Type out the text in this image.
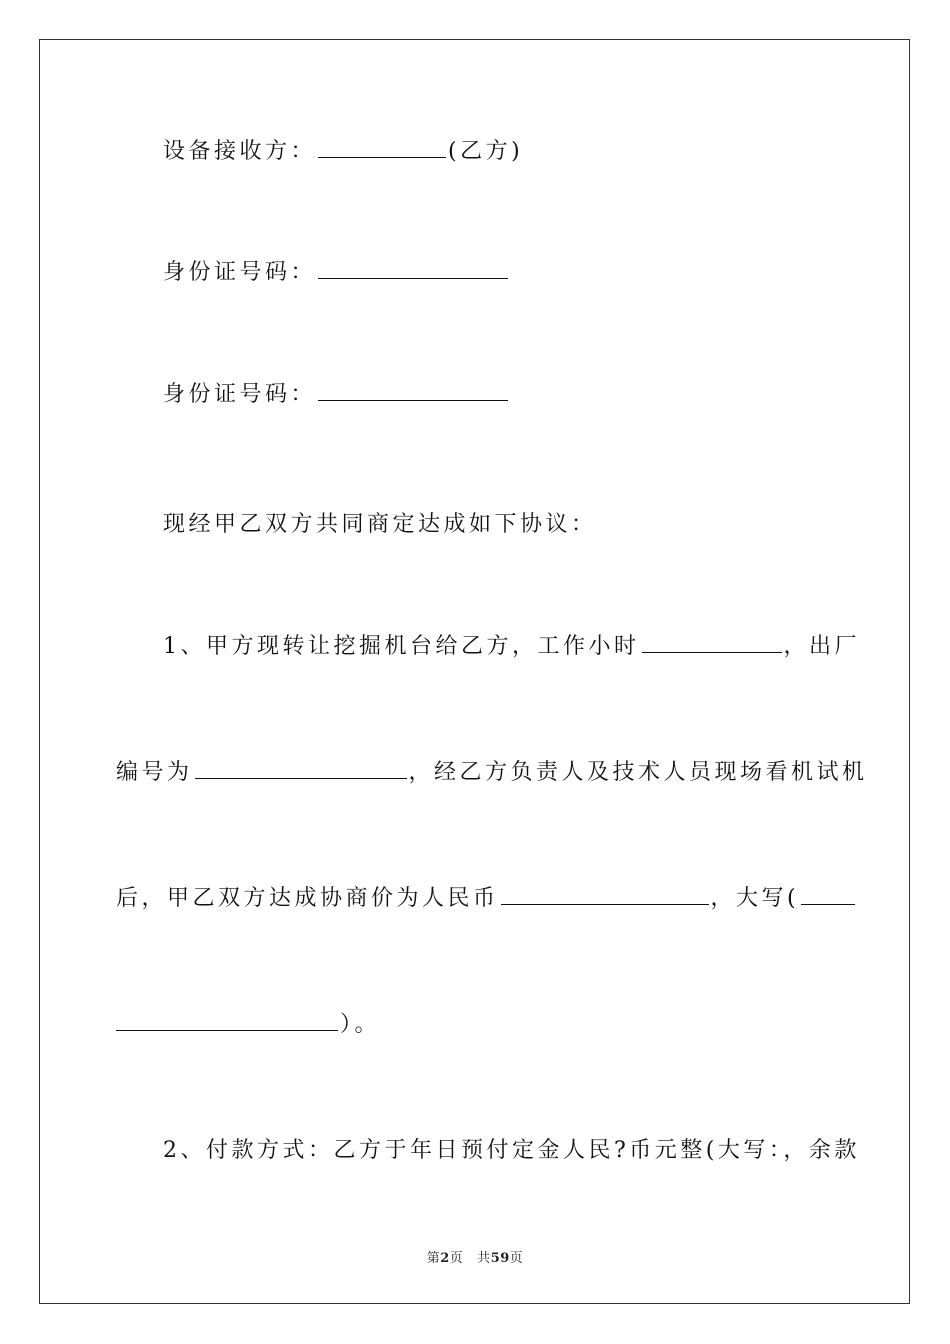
设备接收方：	(乙方)
身份证号码：
身份证号码：
现经甲乙双方共同商定达成如下协议：
1、甲方现转让挖掘机台给乙方，工作小时	，出厂
编号为	，经乙方负责人及技术人员现场看机试机
后，甲乙双方达成协商价为人民币	，大写(
）。
2、付款方式：乙方于年日预付定金人民?币元整(大写：，余款
第2页 共59页
